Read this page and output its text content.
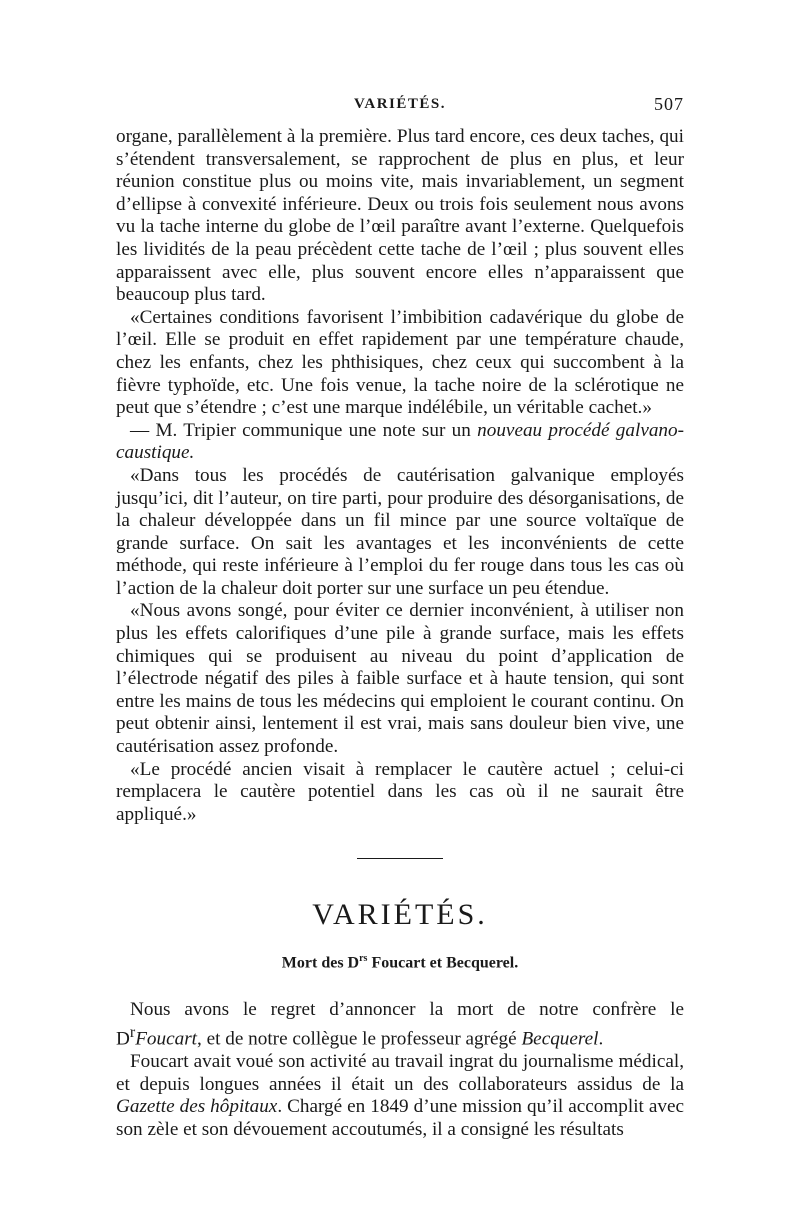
VARIÉTÉS.	507

organe, parallèlement à la première. Plus tard encore, ces deux taches, qui s’étendent transversalement, se rapprochent de plus en plus, et leur réunion constitue plus ou moins vite, mais invariablement, un segment d’ellipse à convexité inférieure. Deux ou trois fois seulement nous avons vu la tache interne du globe de l’œil paraître avant l’externe. Quelquefois les lividités de la peau précèdent cette tache de l’œil ; plus souvent elles apparaissent avec elle, plus souvent encore elles n’apparaissent que beaucoup plus tard.

«Certaines conditions favorisent l’imbibition cadavérique du globe de l’œil. Elle se produit en effet rapidement par une température chaude, chez les enfants, chez les phthisiques, chez ceux qui succombent à la fièvre typhoïde, etc. Une fois venue, la tache noire de la sclérotique ne peut que s’étendre ; c’est une marque indélébile, un véritable cachet.»

— M. Tripier communique une note sur un nouveau procédé galvano-caustique.

«Dans tous les procédés de cautérisation galvanique employés jusqu’ici, dit l’auteur, on tire parti, pour produire des désorganisations, de la chaleur développée dans un fil mince par une source voltaïque de grande surface. On sait les avantages et les inconvénients de cette méthode, qui reste inférieure à l’emploi du fer rouge dans tous les cas où l’action de la chaleur doit porter sur une surface un peu étendue.

«Nous avons songé, pour éviter ce dernier inconvénient, à utiliser non plus les effets calorifiques d’une pile à grande surface, mais les effets chimiques qui se produisent au niveau du point d’application de l’électrode négatif des piles à faible surface et à haute tension, qui sont entre les mains de tous les médecins qui emploient le courant continu. On peut obtenir ainsi, lentement il est vrai, mais sans douleur bien vive, une cautérisation assez profonde.

«Le procédé ancien visait à remplacer le cautère actuel ; celui-ci remplacera le cautère potentiel dans les cas où il ne saurait être appliqué.»

VARIÉTÉS.
Mort des $D^{rs}$ Foucart et Becquerel.

Nous avons le regret d’annoncer la mort de notre confrère le $D^rFoucart$, et de notre collègue le professeur agrégé Becquerel.

Foucart avait voué son activité au travail ingrat du journalisme médical, et depuis longues années il était un des collaborateurs assidus de la Gazette des hôpitaux. Chargé en 1849 d’une mission qu’il accomplit avec son zèle et son dévouement accoutumés, il a consigné les résultats
